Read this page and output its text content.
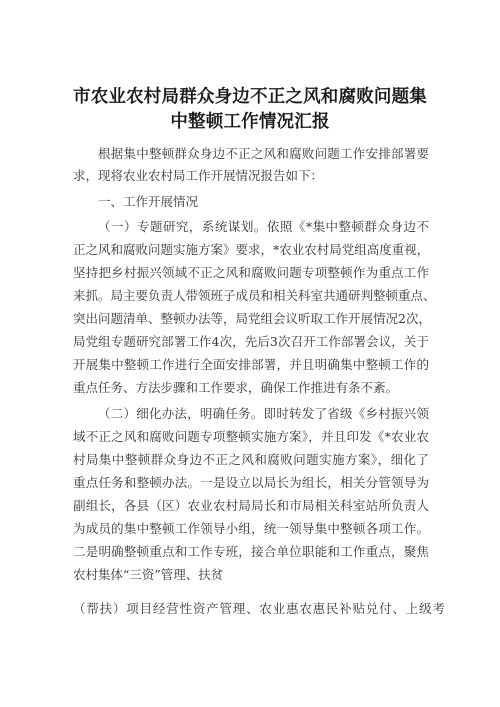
市农业农村局群众身边不正之风和腐败问题集
中整顿工作情况汇报
根据集中整顿群众身边不正之风和腐败问题工作安排部署要
求，现将农业农村局工作开展情况报告如下：
一、工作开展情况
（一）专题研究，系统谋划。依照《*集中整顿群众身边不
正之风和腐败问题实施方案》要求，*农业农村局党组高度重视，
坚持把乡村振兴领域不正之风和腐败问题专项整顿作为重点工作
来抓。局主要负责人带领班子成员和相关科室共通研判整顿重点、
突出问题清单、整顿办法等，局党组会议听取工作开展情况2次，
局党组专题研究部署工作4次，先后3次召开工作部署会议，关于
开展集中整顿工作进行全面安排部署，并且明确集中整顿工作的
重点任务、方法步骤和工作要求，确保工作推进有条不紊。
（二）细化办法，明确任务。即时转发了省级《乡村振兴领
域不正之风和腐败问题专项整顿实施方案》，并且印发《*农业农
村局集中整顿群众身边不正之风和腐败问题实施方案》，细化了
重点任务和整顿办法。一是设立以局长为组长，相关分管领导为
副组长，各县（区）农业农村局局长和市局相关科室站所负责人
为成员的集中整顿工作领导小组，统一领导集中整顿各项工作。
二是明确整顿重点和工作专班，接合单位职能和工作重点，聚焦
农村集体“三资”管理、扶贫
（帮扶）项目经营性资产管理、农业惠农惠民补贴兑付、上级考
